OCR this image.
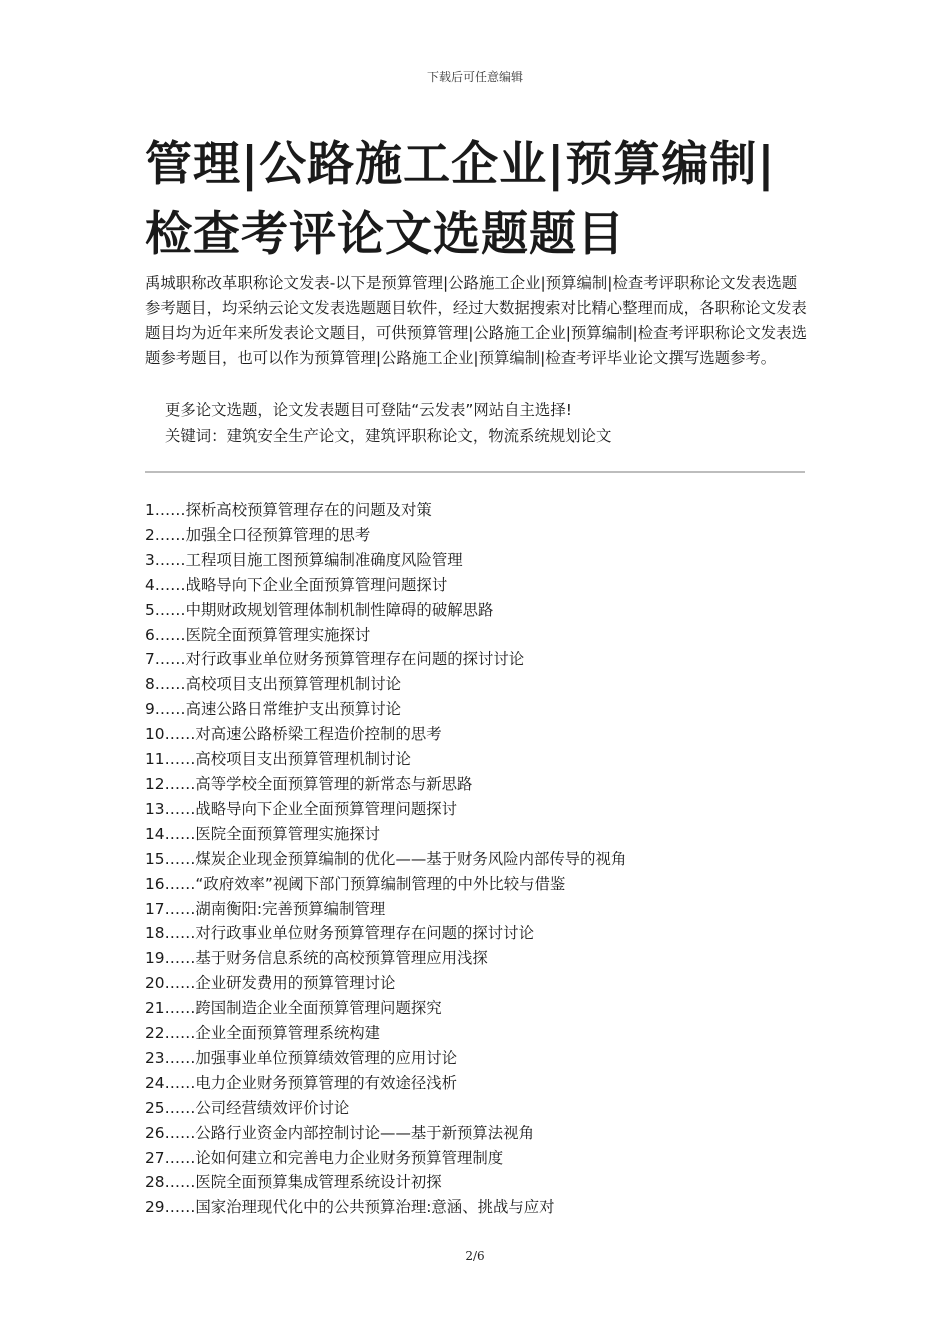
下载后可任意编辑
管理|公路施工企业|预算编制|检查考评论文选题题目
禹城职称改革职称论文发表-以下是预算管理|公路施工企业|预算编制|检查考评职称论文发表选题参考题目，均采纳云论文发表选题题目软件，经过大数据搜索对比精心整理而成，各职称论文发表题目均为近年来所发表论文题目，可供预算管理|公路施工企业|预算编制|检查考评职称论文发表选题参考题目，也可以作为预算管理|公路施工企业|预算编制|检查考评毕业论文撰写选题参考。
更多论文选题，论文发表题目可登陆“云发表”网站自主选择!
关键词：建筑安全生产论文，建筑评职称论文，物流系统规划论文
1……探析高校预算管理存在的问题及对策
2……加强全口径预算管理的思考
3……工程项目施工图预算编制准确度风险管理
4……战略导向下企业全面预算管理问题探讨
5……中期财政规划管理体制机制性障碍的破解思路
6……医院全面预算管理实施探讨
7……对行政事业单位财务预算管理存在问题的探讨讨论
8……高校项目支出预算管理机制讨论
9……高速公路日常维护支出预算讨论
10……对高速公路桥梁工程造价控制的思考
11……高校项目支出预算管理机制讨论
12……高等学校全面预算管理的新常态与新思路
13……战略导向下企业全面预算管理问题探讨
14……医院全面预算管理实施探讨
15……煤炭企业现金预算编制的优化——基于财务风险内部传导的视角
16……“政府效率”视阈下部门预算编制管理的中外比较与借鉴
17……湖南衡阳:完善预算编制管理
18……对行政事业单位财务预算管理存在问题的探讨讨论
19……基于财务信息系统的高校预算管理应用浅探
20……企业研发费用的预算管理讨论
21……跨国制造企业全面预算管理问题探究
22……企业全面预算管理系统构建
23……加强事业单位预算绩效管理的应用讨论
24……电力企业财务预算管理的有效途径浅析
25……公司经营绩效评价讨论
26……公路行业资金内部控制讨论——基于新预算法视角
27……论如何建立和完善电力企业财务预算管理制度
28……医院全面预算集成管理系统设计初探
29……国家治理现代化中的公共预算治理:意涵、挑战与应对
2/6
